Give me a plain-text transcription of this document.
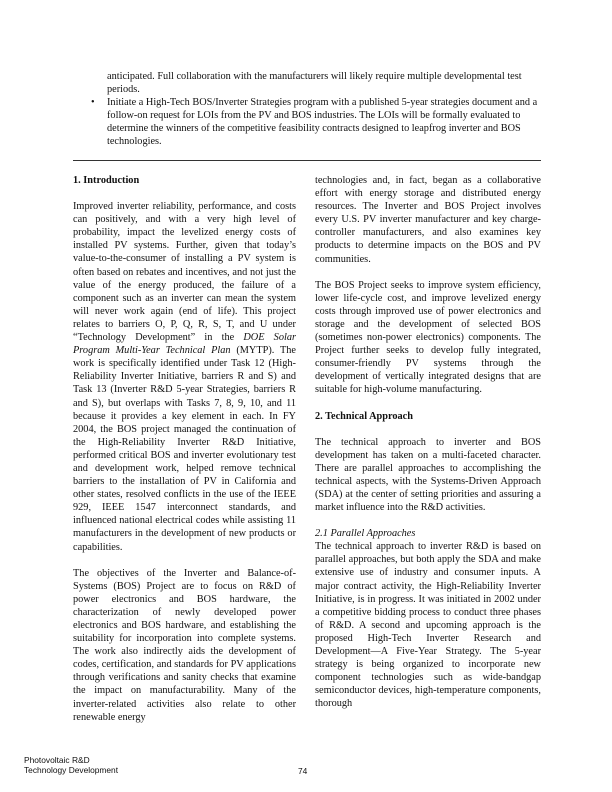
anticipated. Full collaboration with the manufacturers will likely require multiple developmental test periods.

• Initiate a High-Tech BOS/Inverter Strategies program with a published 5-year strategies document and a follow-on request for LOIs from the PV and BOS industries. The LOIs will be formally evaluated to determine the winners of the competitive feasibility contracts designed to leapfrog inverter and BOS technologies.
1. Introduction

Improved inverter reliability, performance, and costs can positively, and with a very high level of probability, impact the levelized energy costs of installed PV systems. Further, given that today’s value-to-the-consumer of installing a PV system is often based on rebates and incentives, and not just the value of the energy produced, the failure of a component such as an inverter can mean the system will never work again (end of life). This project relates to barriers O, P, Q, R, S, T, and U under “Technology Development” in the DOE Solar Program Multi-Year Technical Plan (MYTP). The work is specifically identified under Task 12 (High-Reliability Inverter Initiative, barriers R and S) and Task 13 (Inverter R&D 5-year Strategies, barriers R and S), but overlaps with Tasks 7, 8, 9, 10, and 11 because it provides a key element in each. In FY 2004, the BOS project managed the continuation of the High-Reliability Inverter R&D Initiative, performed critical BOS and inverter evolutionary test and development work, helped remove technical barriers to the installation of PV in California and other states, resolved conflicts in the use of the IEEE 929, IEEE 1547 interconnect standards, and influenced national electrical codes while assisting 11 manufacturers in the development of new products or capabilities.

The objectives of the Inverter and Balance-of-Systems (BOS) Project are to focus on R&D of power electronics and BOS hardware, the characterization of newly developed power electronics and BOS hardware, and establishing the suitability for incorporation into complete systems. The work also indirectly aids the development of codes, certification, and standards for PV applications through verifications and sanity checks that examine the impact on manufacturability. Many of the inverter-related activities also relate to other renewable energy

technologies and, in fact, began as a collaborative effort with energy storage and distributed energy resources. The Inverter and BOS Project involves every U.S. PV inverter manufacturer and key charge-controller manufacturers, and also examines key products to determine impacts on the BOS and PV communities.

The BOS Project seeks to improve system efficiency, lower life-cycle cost, and improve levelized energy costs through improved use of power electronics and storage and the development of selected BOS (sometimes non-power electronics) components. The Project further seeks to develop fully integrated, consumer-friendly PV systems through the development of vertically integrated designs that are suitable for high-volume manufacturing.

2. Technical Approach

The technical approach to inverter and BOS development has taken on a multi-faceted character. There are parallel approaches to accomplishing the technical aspects, with the Systems-Driven Approach (SDA) at the center of setting priorities and assuring a market influence into the R&D activities.

2.1 Parallel Approaches

The technical approach to inverter R&D is based on parallel approaches, but both apply the SDA and make extensive use of industry and consumer inputs. A major contract activity, the High-Reliability Inverter Initiative, is in progress. It was initiated in 2002 under a competitive bidding process to conduct three phases of R&D. A second and upcoming approach is the proposed High-Tech Inverter Research and Development—A Five-Year Strategy. The 5-year strategy is being organized to incorporate new component technologies such as wide-bandgap semiconductor devices, high-temperature components, thorough

Photovoltaic R&D
Technology Development	74
